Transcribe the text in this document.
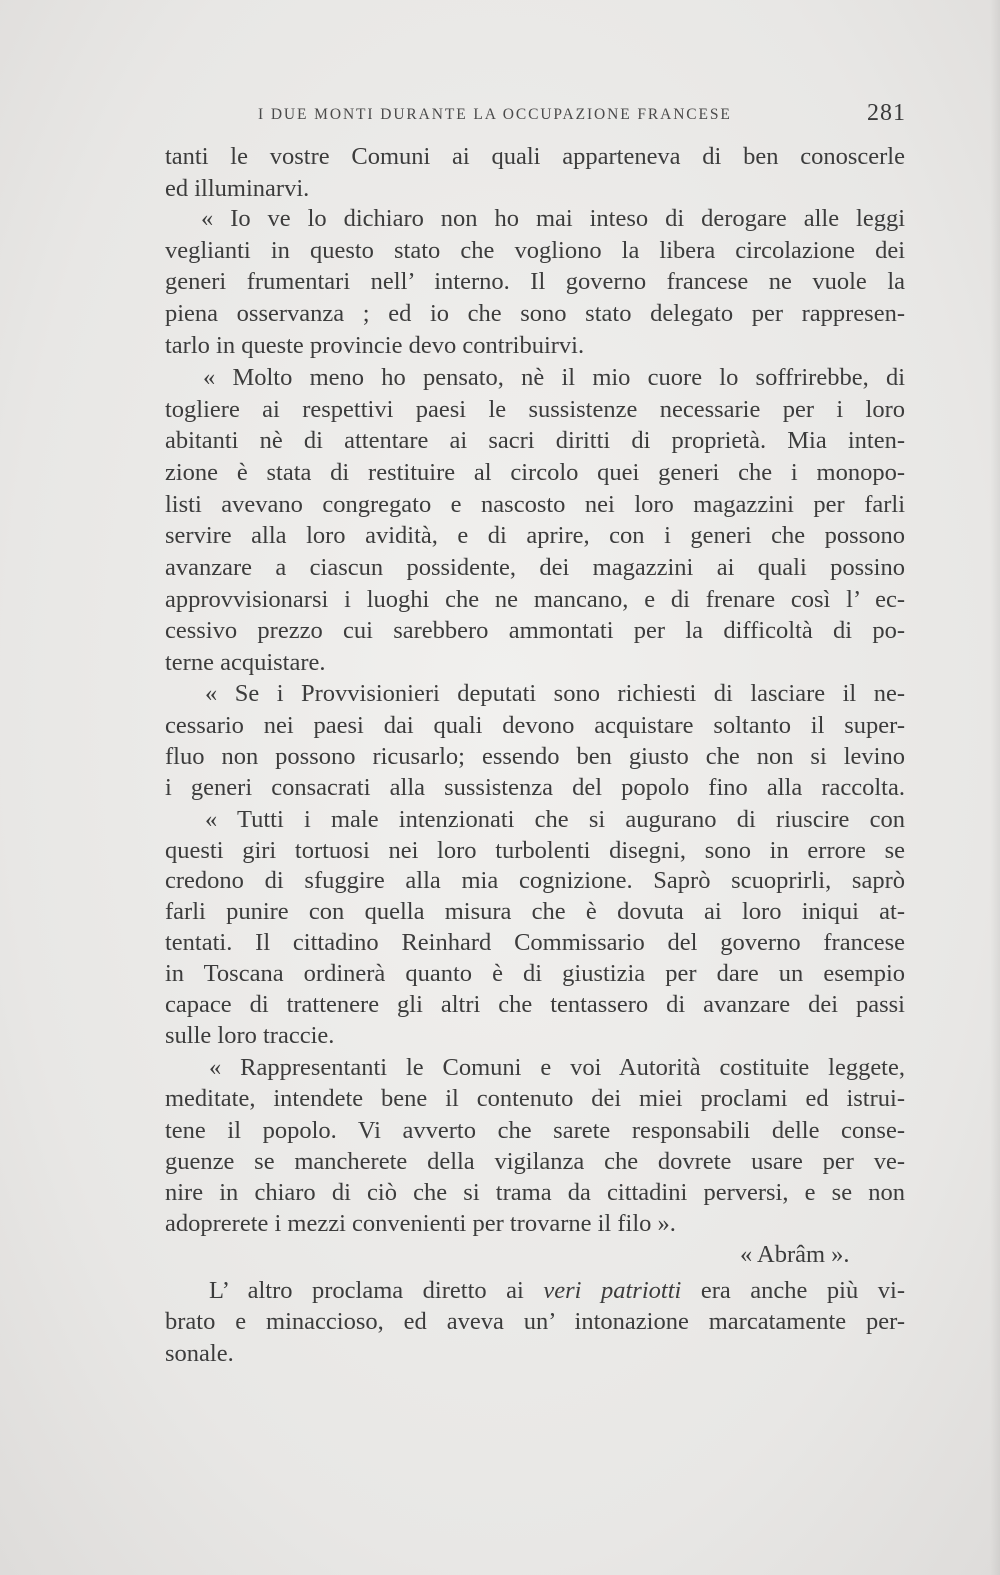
I DUE MONTI DURANTE LA OCCUPAZIONE FRANCESE	281
tanti le vostre Comuni ai quali apparteneva di ben conoscerle
ed illuminarvi.
« Io ve lo dichiaro non ho mai inteso di derogare alle leggi
veglianti in questo stato che vogliono la libera circolazione dei
generi frumentari nell’ interno. Il governo francese ne vuole la
piena osservanza ; ed io che sono stato delegato per rappresen-
tarlo in queste provincie devo contribuirvi.
« Molto meno ho pensato, nè il mio cuore lo soffrirebbe, di
togliere ai respettivi paesi le sussistenze necessarie per i loro
abitanti nè di attentare ai sacri diritti di proprietà. Mia inten-
zione è stata di restituire al circolo quei generi che i monopo-
listi avevano congregato e nascosto nei loro magazzini per farli
servire alla loro avidità, e di aprire, con i generi che possono
avanzare a ciascun possidente, dei magazzini ai quali possino
approvvisionarsi i luoghi che ne mancano, e di frenare così l’ ec-
cessivo prezzo cui sarebbero ammontati per la difficoltà di po-
terne acquistare.
« Se i Provvisionieri deputati sono richiesti di lasciare il ne-
cessario nei paesi dai quali devono acquistare soltanto il super-
fluo non possono ricusarlo; essendo ben giusto che non si levino
i generi consacrati alla sussistenza del popolo fino alla raccolta.
« Tutti i male intenzionati che si augurano di riuscire con
questi giri tortuosi nei loro turbolenti disegni, sono in errore se
credono di sfuggire alla mia cognizione. Saprò scuoprirli, saprò
farli punire con quella misura che è dovuta ai loro iniqui at-
tentati. Il cittadino Reinhard Commissario del governo francese
in Toscana ordinerà quanto è di giustizia per dare un esempio
capace di trattenere gli altri che tentassero di avanzare dei passi
sulle loro traccie.
« Rappresentanti le Comuni e voi Autorità costituite leggete,
meditate, intendete bene il contenuto dei miei proclami ed istrui-
tene il popolo. Vi avverto che sarete responsabili delle conse-
guenze se mancherete della vigilanza che dovrete usare per ve-
nire in chiaro di ciò che si trama da cittadini perversi, e se non
adoprerete i mezzi convenienti per trovarne il filo ».
« Abrâm ».
L’ altro proclama diretto ai veri patriotti era anche più vi-
brato e minaccioso, ed aveva un’ intonazione marcatamente per-
sonale.
